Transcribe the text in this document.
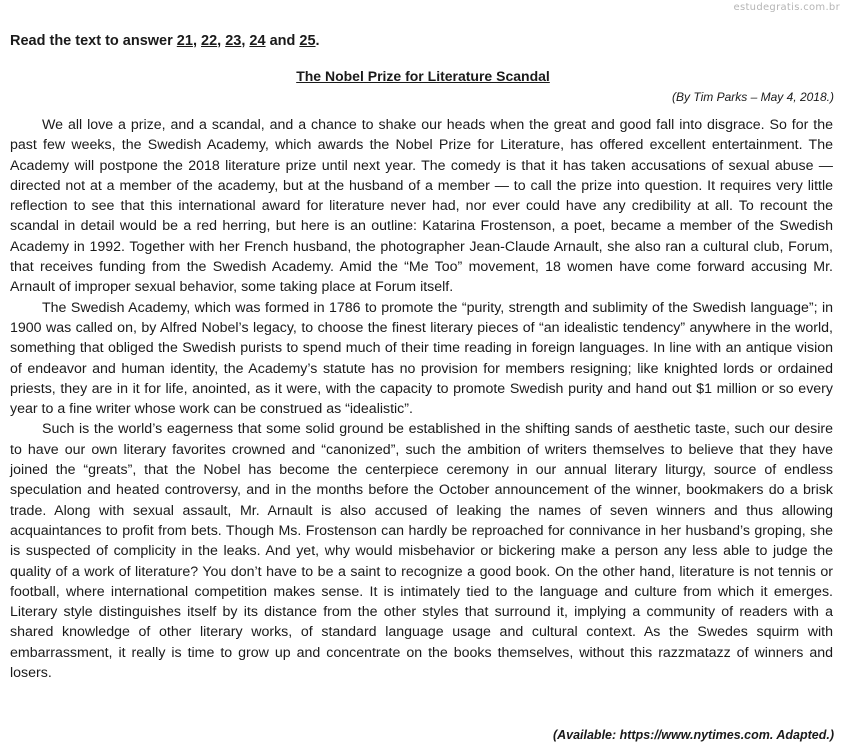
estudegratis.com.br
Read the text to answer 21, 22, 23, 24 and 25.
The Nobel Prize for Literature Scandal
(By Tim Parks – May 4, 2018.)

We all love a prize, and a scandal, and a chance to shake our heads when the great and good fall into disgrace. So for the past few weeks, the Swedish Academy, which awards the Nobel Prize for Literature, has offered excellent entertainment. The Academy will postpone the 2018 literature prize until next year. The comedy is that it has taken accusations of sexual abuse — directed not at a member of the academy, but at the husband of a member — to call the prize into question. It requires very little reflection to see that this international award for literature never had, nor ever could have any credibility at all. To recount the scandal in detail would be a red herring, but here is an outline: Katarina Frostenson, a poet, became a member of the Swedish Academy in 1992. Together with her French husband, the photographer Jean-Claude Arnault, she also ran a cultural club, Forum, that receives funding from the Swedish Academy. Amid the “Me Too” movement, 18 women have come forward accusing Mr. Arnault of improper sexual behavior, some taking place at Forum itself.

The Swedish Academy, which was formed in 1786 to promote the “purity, strength and sublimity of the Swedish language”; in 1900 was called on, by Alfred Nobel’s legacy, to choose the finest literary pieces of “an idealistic tendency” anywhere in the world, something that obliged the Swedish purists to spend much of their time reading in foreign languages. In line with an antique vision of endeavor and human identity, the Academy’s statute has no provision for members resigning; like knighted lords or ordained priests, they are in it for life, anointed, as it were, with the capacity to promote Swedish purity and hand out $1 million or so every year to a fine writer whose work can be construed as “idealistic”.

Such is the world’s eagerness that some solid ground be established in the shifting sands of aesthetic taste, such our desire to have our own literary favorites crowned and “canonized”, such the ambition of writers themselves to believe that they have joined the “greats”, that the Nobel has become the centerpiece ceremony in our annual literary liturgy, source of endless speculation and heated controversy, and in the months before the October announcement of the winner, bookmakers do a brisk trade. Along with sexual assault, Mr. Arnault is also accused of leaking the names of seven winners and thus allowing acquaintances to profit from bets. Though Ms. Frostenson can hardly be reproached for connivance in her husband’s groping, she is suspected of complicity in the leaks. And yet, why would misbehavior or bickering make a person any less able to judge the quality of a work of literature? You don’t have to be a saint to recognize a good book. On the other hand, literature is not tennis or football, where international competition makes sense. It is intimately tied to the language and culture from which it emerges. Literary style distinguishes itself by its distance from the other styles that surround it, implying a community of readers with a shared knowledge of other literary works, of standard language usage and cultural context. As the Swedes squirm with embarrassment, it really is time to grow up and concentrate on the books themselves, without this razzmatazz of winners and losers.

(Available: https://www.nytimes.com. Adapted.)
